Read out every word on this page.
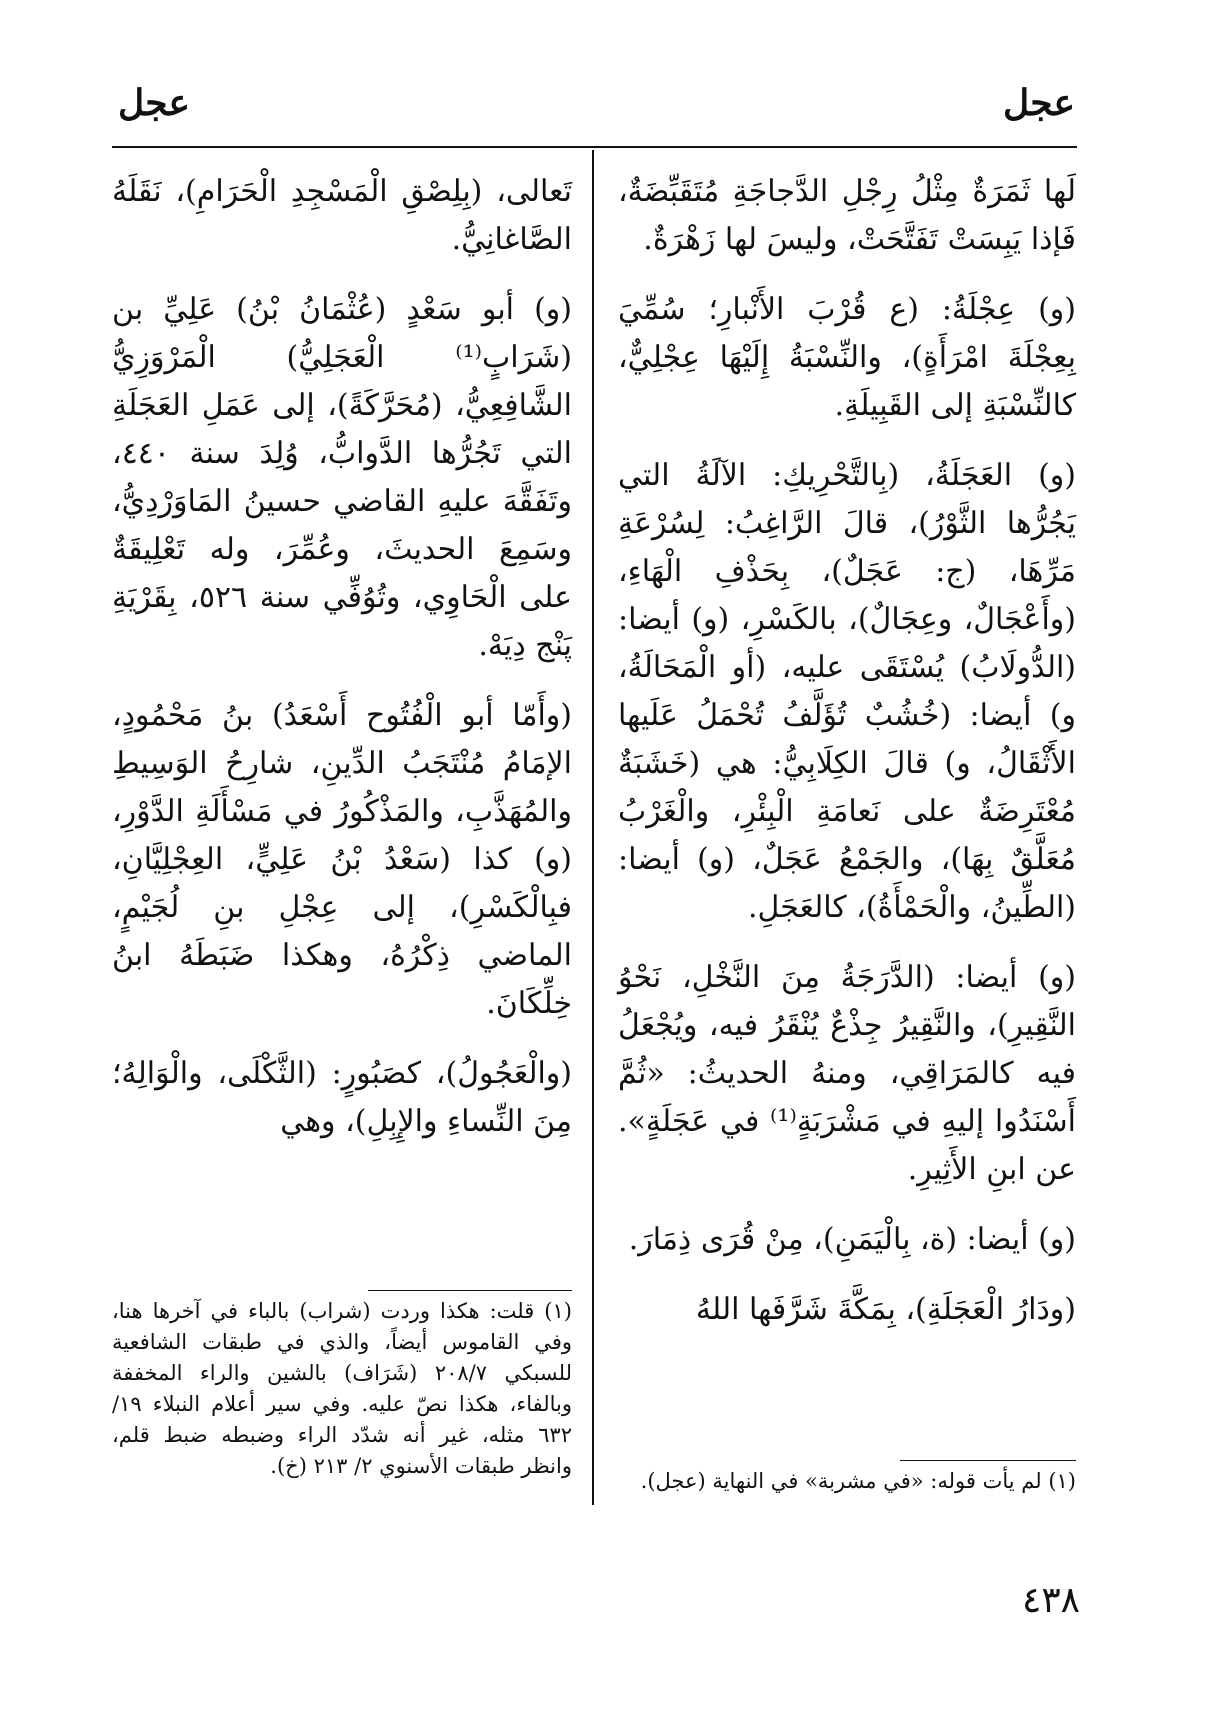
عجل
عجل

لَها ثَمَرَةٌ مِثْلُ رِجْلِ الدَّجاجَةِ مُتَقَبِّضَةٌ، فَإذا يَبِسَتْ تَفَتَّحَتْ، وليسَ لها زَهْرَةٌ.

(و) عِجْلَةُ: (ع قُرْبَ الأَنْبارِ؛ سُمِّيَ بِعِجْلَةَ امْرَأَةٍ)، والنِّسْبَةُ إِلَيْهَا عِجْلِيٌّ، كالنِّسْبَةِ إلى القَبِيلَةِ.

(و) العَجَلَةُ، (بِالتَّحْرِيكِ: الآلَةُ التي يَجُرُّها الثَّوْرُ)، قالَ الرَّاغِبُ: لِسُرْعَةِ مَرِّهَا، (ج: عَجَلٌ)، بِحَذْفِ الْهَاءِ، (وأَعْجَالٌ، وعِجَالٌ)، بالكَسْرِ، (و) أيضا: (الدُّولَابُ) يُسْتَقَى عليه، (أو الْمَحَالَةُ، و) أيضا: (خُشُبٌ تُؤَلَّفُ تُحْمَلُ عَلَيها الأَثْقَالُ، و) قالَ الكِلَابِيُّ: هي (خَشَبَةٌ مُعْتَرِضَةٌ على نَعامَةِ الْبِئْرِ، والْغَرْبُ مُعَلَّقٌ بِهَا)، والجَمْعُ عَجَلٌ، (و) أيضا: (الطِّينُ، والْحَمْأَةُ)، كالعَجَلِ.

(و) أيضا: (الدَّرَجَةُ مِنَ النَّخْلِ، نَحْوُ النَّقِيرِ)، والنَّقِيرُ جِذْعٌ يُنْقَرُ فيه، ويُجْعَلُ فيه كالمَرَاقِي، ومنهُ الحديثُ: «ثُمَّ أَسْنَدُوا إليهِ في مَشْرَبَةٍ⁽¹⁾ في عَجَلَةٍ». عن ابنِ الأَثِيرِ.

(و) أيضا: (ة، بِالْيَمَنِ)، مِنْ قُرَى ذِمَارَ.

(ودَارُ الْعَجَلَةِ)، بِمَكَّةَ شَرَّفَها اللهُ

تَعالى، (بِلِصْقِ الْمَسْجِدِ الْحَرَامِ)، نَقَلَهُ الصَّاغانِيُّ.

(و) أبو سَعْدٍ (عُثْمَانُ بْنُ) عَلِيِّ بن (شَرَابٍ⁽¹⁾ الْعَجَلِيُّ) الْمَرْوَزِيُّ الشَّافِعِيُّ، (مُحَرَّكَةً)، إلى عَمَلِ العَجَلَةِ التي تَجُرُّها الدَّوابُّ، وُلِدَ سنة ٤٤٠، وتَفَقَّهَ عليهِ القاضي حسينُ المَاوَرْدِيُّ، وسَمِعَ الحديثَ، وعُمِّرَ، وله تَعْلِيقَةٌ على الْحَاوِي، وتُوُفِّي سنة ٥٢٦، بِقَرْيَةِ پَنْج دِيَهْ.

(وأَمّا أبو الْفُتُوح أَسْعَدُ) بنُ مَحْمُودٍ، الإمَامُ مُنْتَجَبُ الدِّينِ، شارِحُ الوَسِيطِ والمُهَذَّبِ، والمَذْكُورُ في مَسْأَلَةِ الدَّوْرِ، (و) كذا (سَعْدُ بْنُ عَلِيٍّ، العِجْلِيَّانِ، فبِالْكَسْرِ)، إلى عِجْلِ بنِ لُجَيْمٍ، الماضي ذِكْرُهُ، وهكذا ضَبَطَهُ ابنُ خِلِّكَانَ.

(والْعَجُولُ)، كصَبُورٍ: (الثَّكْلَى، والْوَالِهُ؛ مِنَ النِّساءِ والإِبِلِ)، وهي

(١) قلت: هكذا وردت (شراب) بالباء في آخرها هنا، وفي القاموس أيضاً، والذي في طبقات الشافعية للسبكي ٢٠٨/٧ (شَرَاف) بالشين والراء المخففة وبالفاء، هكذا نصّ عليه. وفي سير أعلام النبلاء ١٩/ ٦٣٢ مثله، غير أنه شدّد الراء وضبطه ضبط قلم، وانظر طبقات الأسنوي ٢/ ٢١٣ (خ).
(١) لم يأت قوله: «في مشربة» في النهاية (عجل).
٤٣٨
